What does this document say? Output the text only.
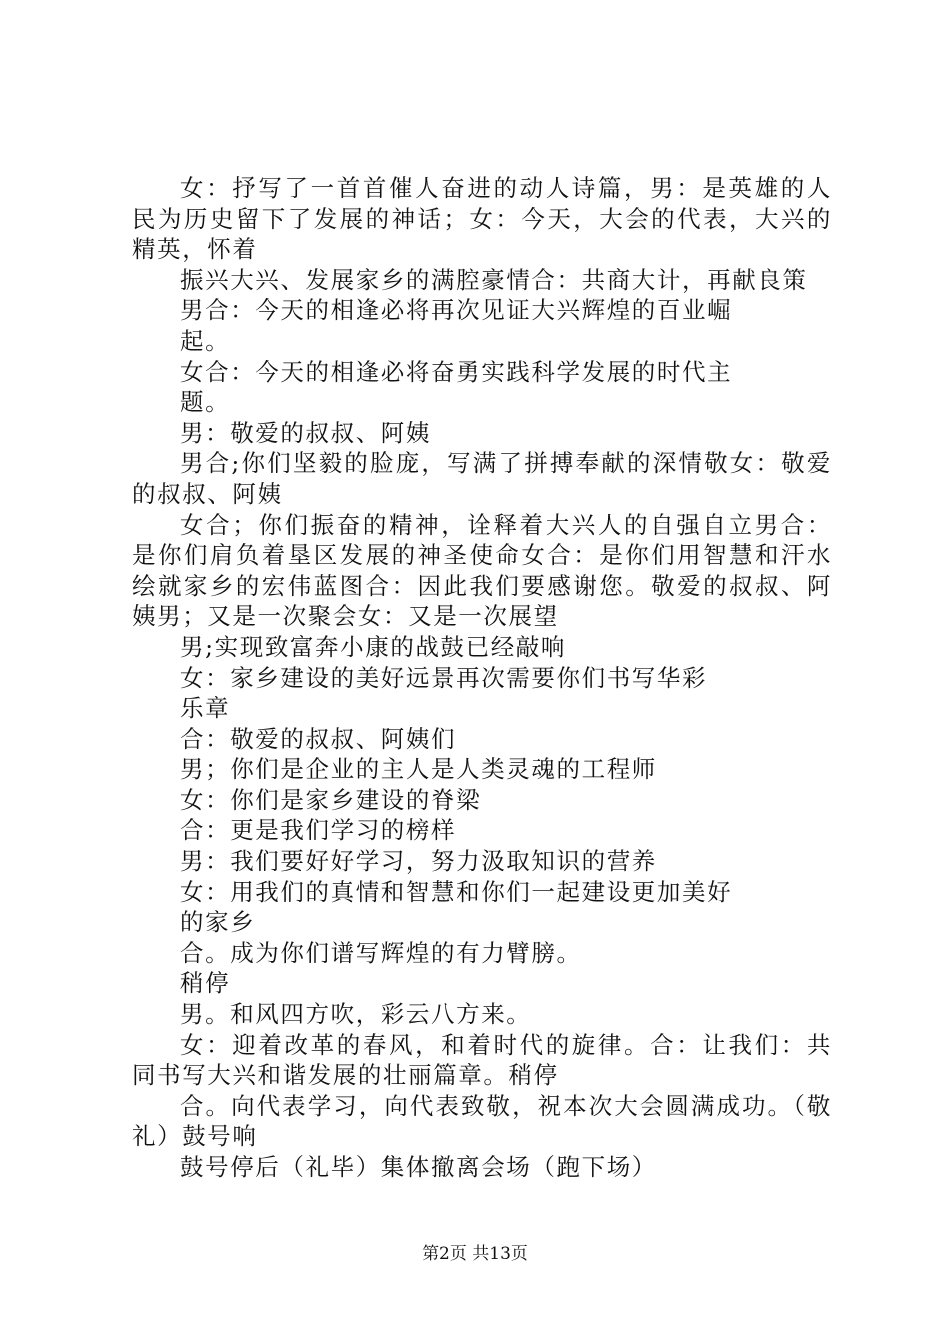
女：抒写了一首首催人奋进的动人诗篇，男：是英雄的人民为历史留下了发展的神话；女：今天，大会的代表，大兴的精英，怀着

振兴大兴、发展家乡的满腔豪情合：共商大计，再献良策

男合：今天的相逢必将再次见证大兴辉煌的百业崛

起。

女合：今天的相逢必将奋勇实践科学发展的时代主

题。

男：敬爱的叔叔、阿姨

男合;你们坚毅的脸庞，写满了拼搏奉献的深情敬女：敬爱的叔叔、阿姨

女合；你们振奋的精神，诠释着大兴人的自强自立男合：是你们肩负着垦区发展的神圣使命女合：是你们用智慧和汗水绘就家乡的宏伟蓝图合：因此我们要感谢您。敬爱的叔叔、阿姨男；又是一次聚会女：又是一次展望

男;实现致富奔小康的战鼓已经敲响

女：家乡建设的美好远景再次需要你们书写华彩

乐章

合：敬爱的叔叔、阿姨们

男；你们是企业的主人是人类灵魂的工程师

女：你们是家乡建设的脊梁

合：更是我们学习的榜样

男：我们要好好学习，努力汲取知识的营养

女：用我们的真情和智慧和你们一起建设更加美好

的家乡

合。成为你们谱写辉煌的有力臂膀。

稍停

男。和风四方吹，彩云八方来。

女：迎着改革的春风，和着时代的旋律。合：让我们：共同书写大兴和谐发展的壮丽篇章。稍停

合。向代表学习，向代表致敬，祝本次大会圆满成功。（敬礼）鼓号响

鼓号停后（礼毕）集体撤离会场（跑下场）

第2页 共13页
